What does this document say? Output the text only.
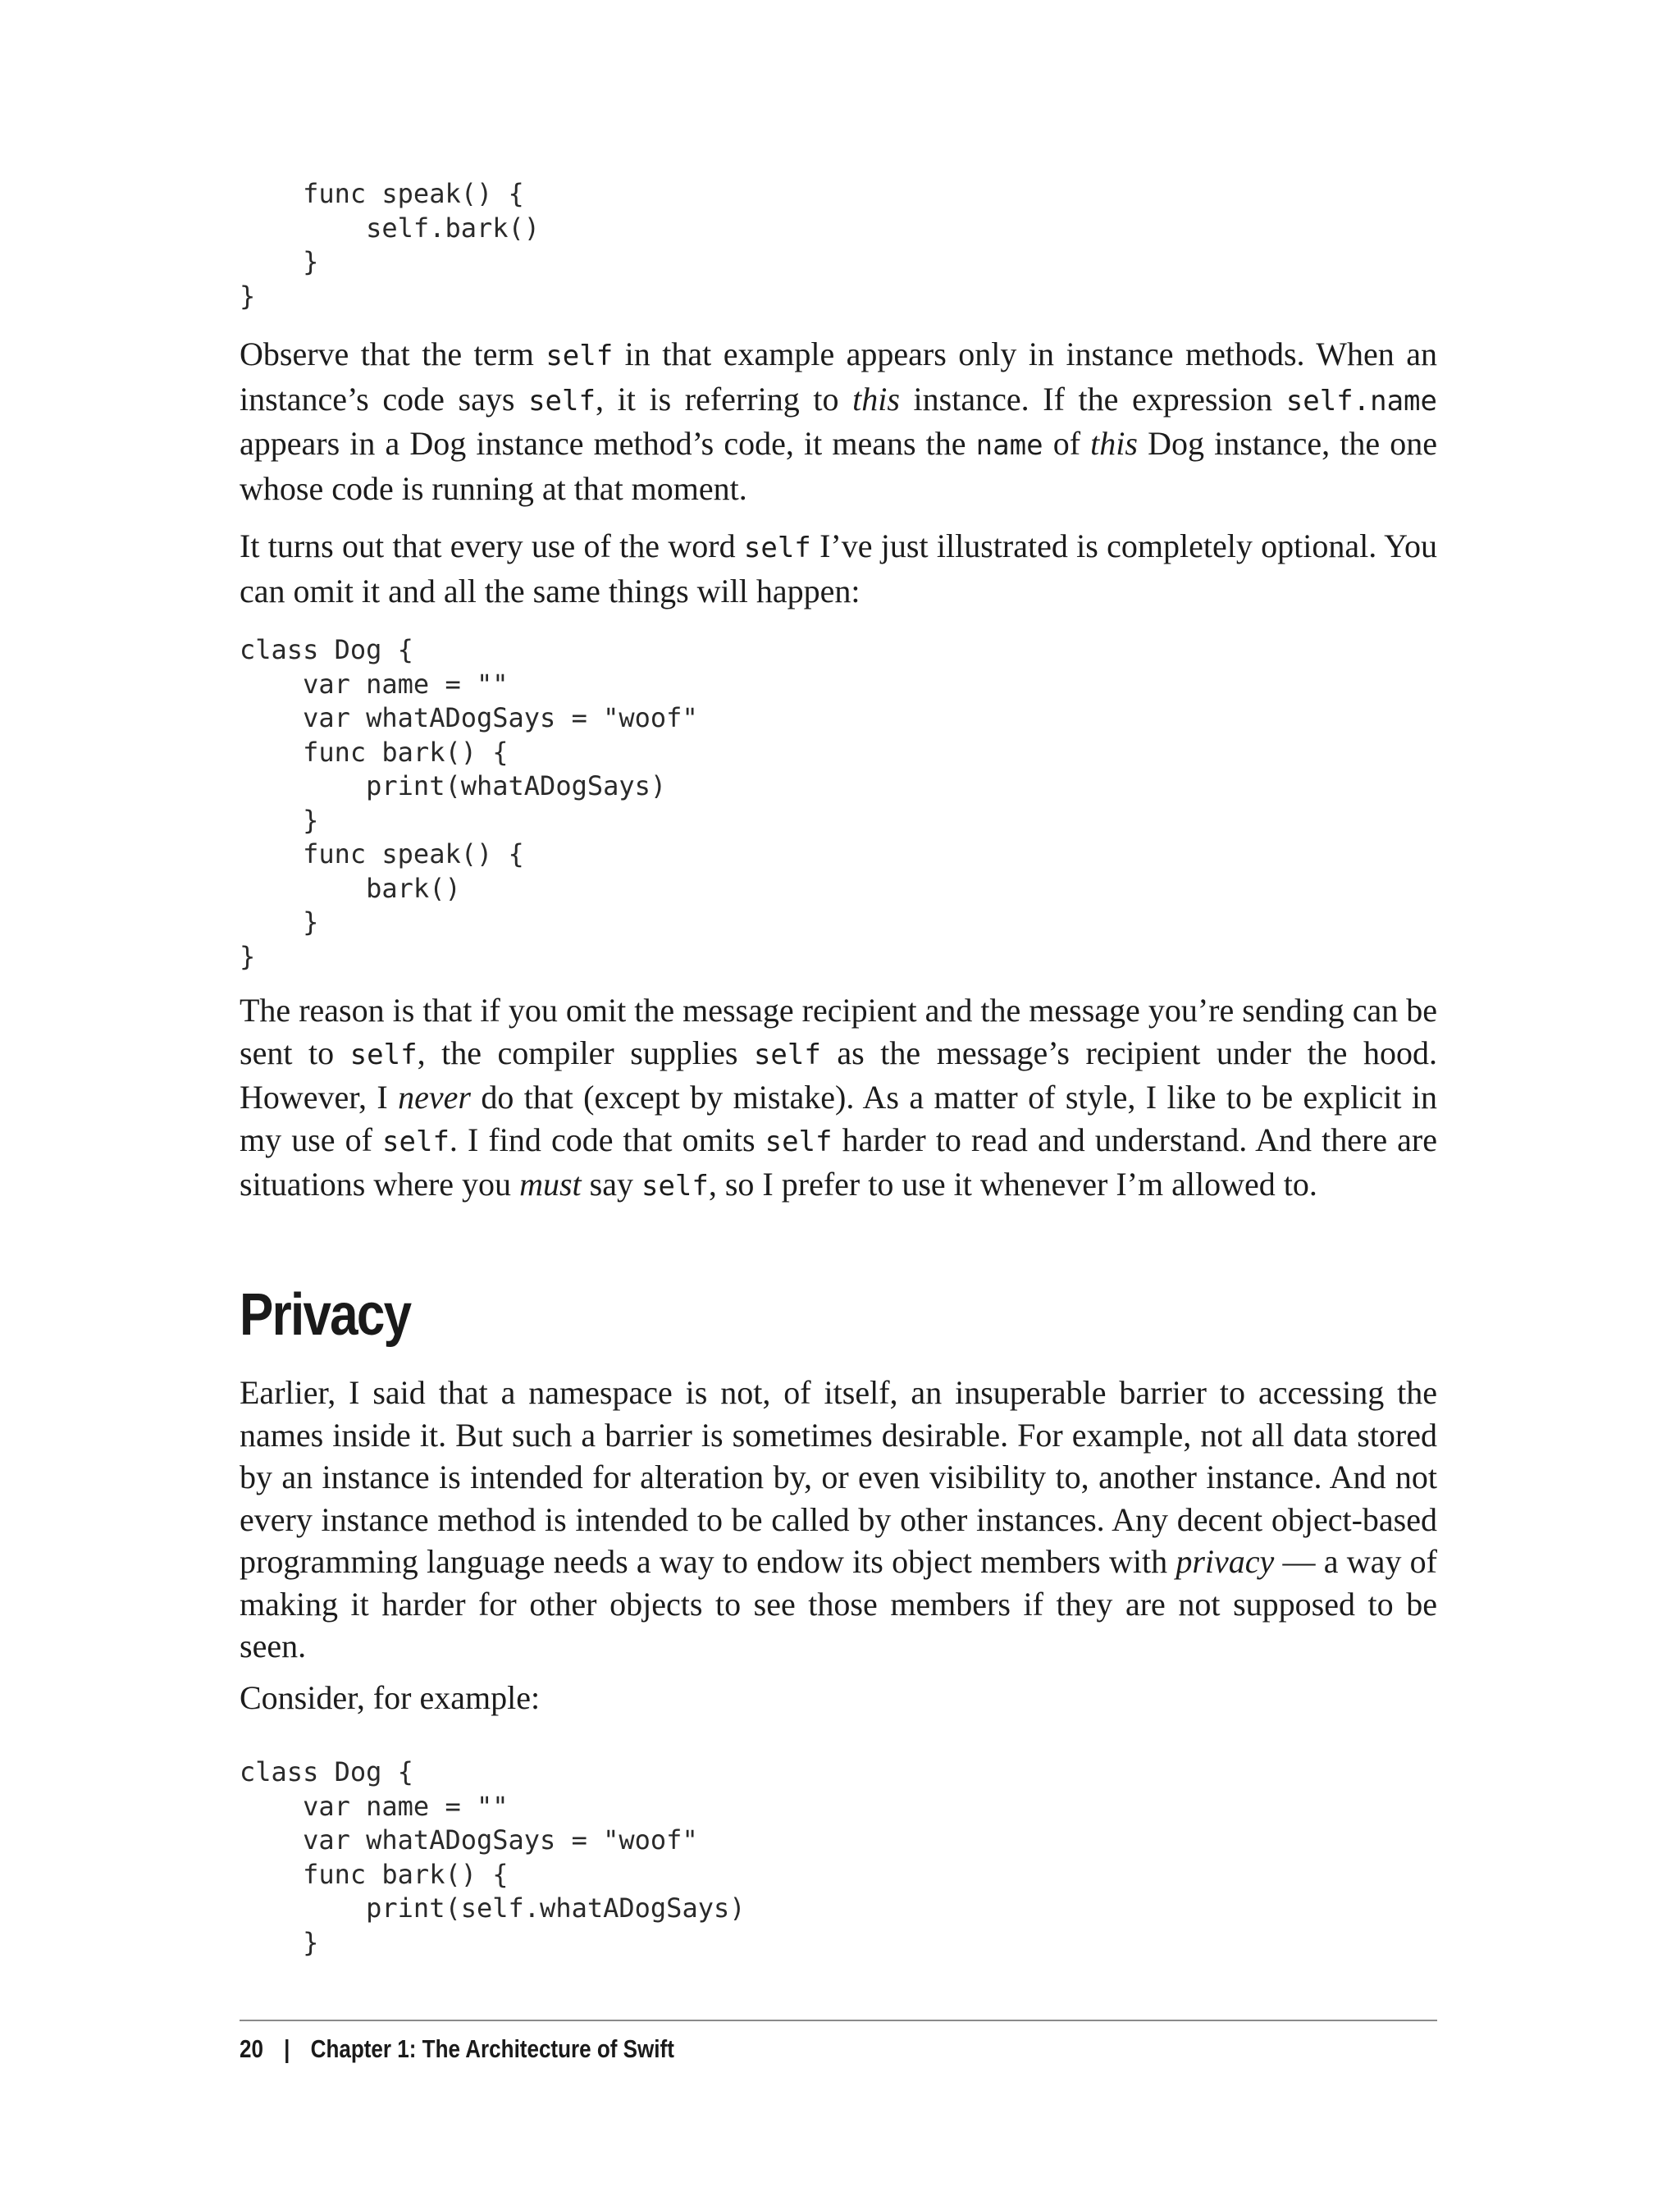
func speak() {
self.bark()
}
}

Observe that the term self in that example appears only in instance methods. When an instance’s code says self, it is referring to this instance. If the expression self.name appears in a Dog instance method’s code, it means the name of this Dog instance, the one whose code is running at that moment.

It turns out that every use of the word self I’ve just illustrated is completely optional. You can omit it and all the same things will happen:

class Dog {
var name = ""
var whatADogSays = "woof"
func bark() {
print(whatADogSays)
}
func speak() {
bark()
}
}

The reason is that if you omit the message recipient and the message you’re sending can be sent to self, the compiler supplies self as the message’s recipient under the hood. However, I never do that (except by mistake). As a matter of style, I like to be explicit in my use of self. I find code that omits self harder to read and understand. And there are situations where you must say self, so I prefer to use it whenever I’m allowed to.

Privacy

Earlier, I said that a namespace is not, of itself, an insuperable barrier to accessing the names inside it. But such a barrier is sometimes desirable. For example, not all data stored by an instance is intended for alteration by, or even visibility to, another instance. And not every instance method is intended to be called by other instances. Any decent object-based programming language needs a way to endow its object members with privacy — a way of making it harder for other objects to see those members if they are not supposed to be seen.

Consider, for example:

class Dog {
var name = ""
var whatADogSays = "woof"
func bark() {
print(self.whatADogSays)
}
20 | Chapter 1: The Architecture of Swift
